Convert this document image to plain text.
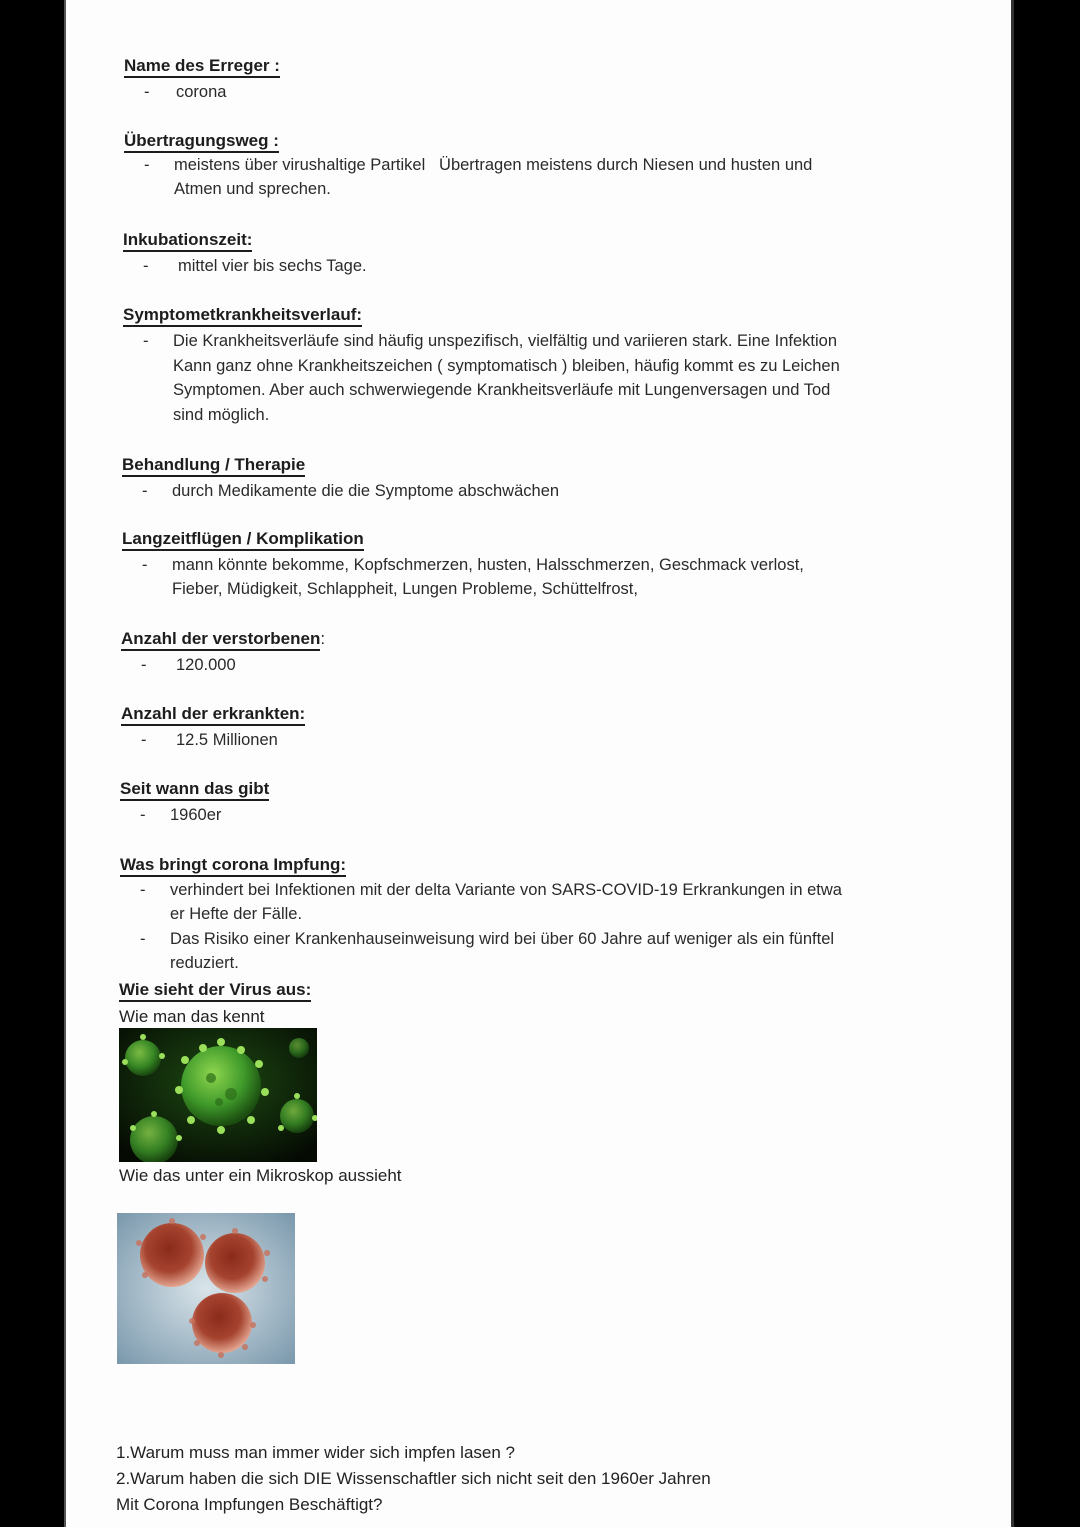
Name des Erreger :
- corona
Übertragungsweg :
- meistens über virushaltige Partikel   Übertragen meistens durch Niesen und husten und
Atmen und sprechen.
Inkubationszeit:
- mittel vier bis sechs Tage.
Symptometkrankheitsverlauf:
- Die Krankheitsverläufe sind häufig unspezifisch, vielfältig und variieren stark. Eine Infektion
Kann ganz ohne Krankheitszeichen ( symptomatisch ) bleiben, häufig kommt es zu Leichen
Symptomen. Aber auch schwerwiegende Krankheitsverläufe mit Lungenversagen und Tod
sind möglich.
Behandlung / Therapie
- durch Medikamente die die Symptome abschwächen
Langzeitflügen / Komplikation
- mann könnte bekomme, Kopfschmerzen, husten, Halsschmerzen, Geschmack verlost,
Fieber, Müdigkeit, Schlappheit, Lungen Probleme, Schüttelfrost,
Anzahl der verstorbenen:
- 120.000
Anzahl der erkrankten:
- 12.5 Millionen
Seit wann das gibt
- 1960er
Was bringt corona Impfung:
- verhindert bei Infektionen mit der delta Variante von SARS-COVID-19 Erkrankungen in etwa
er Hefte der Fälle.
- Das Risiko einer Krankenhauseinweisung wird bei über 60 Jahre auf weniger als ein fünftel
reduziert.
Wie sieht der Virus aus:
Wie man das kennt
Wie das unter ein Mikroskop aussieht
1.Warum muss man immer wider sich impfen lasen ?
2.Warum haben die sich DIE Wissenschaftler sich nicht seit den 1960er Jahren
Mit Corona Impfungen Beschäftigt?
